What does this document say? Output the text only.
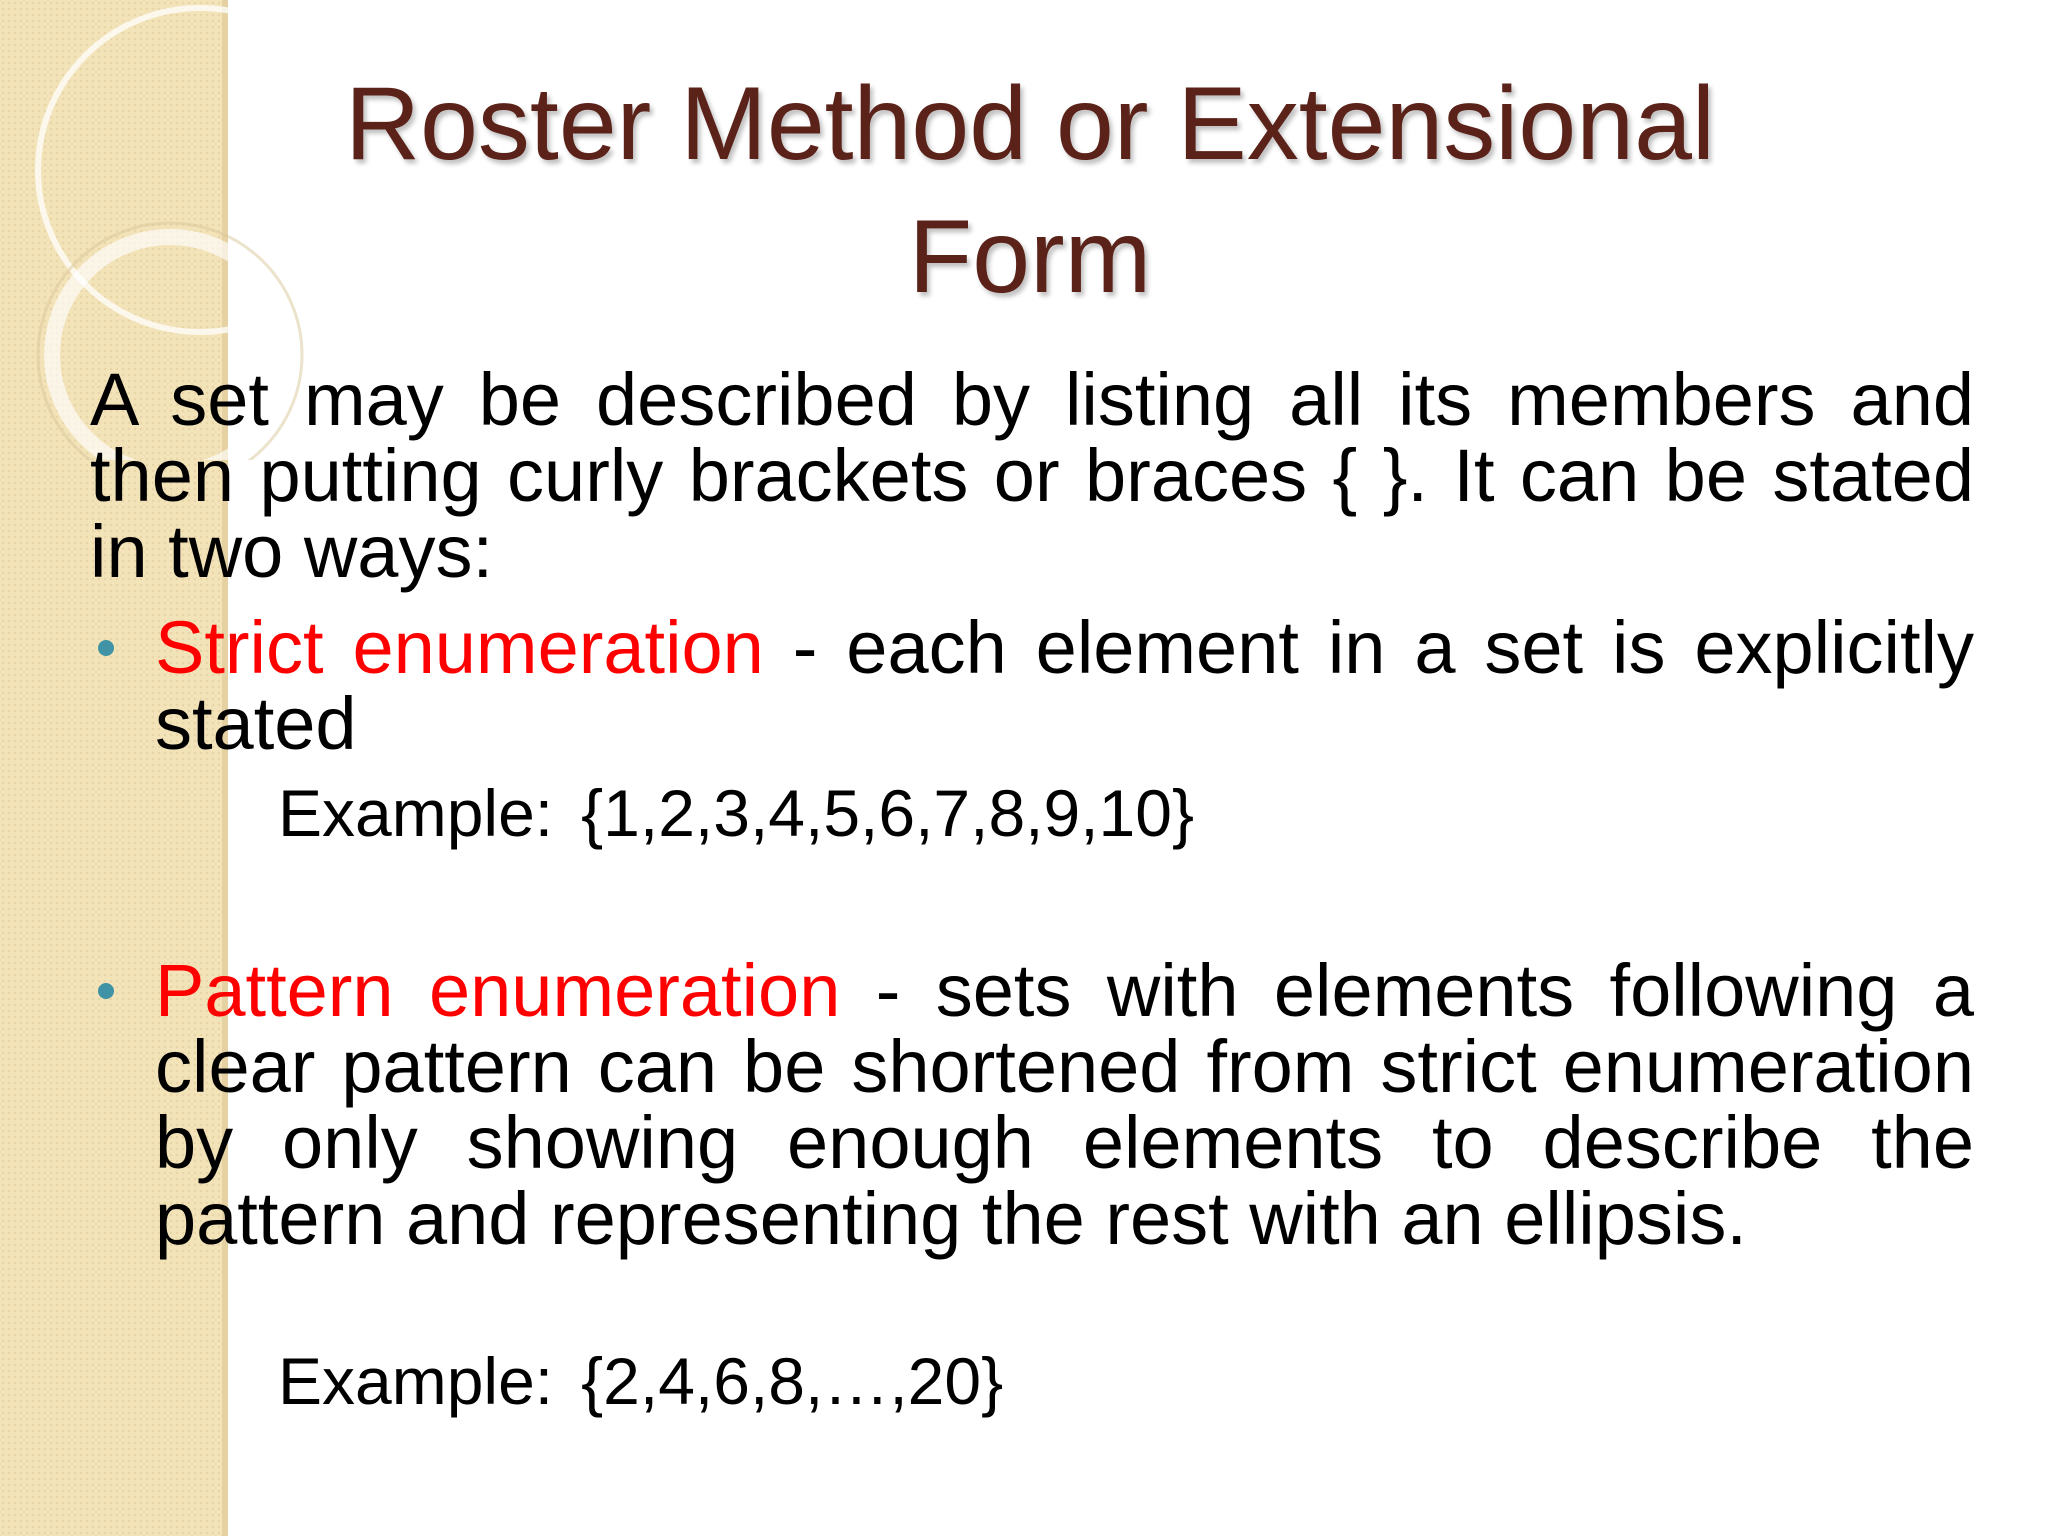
Roster Method or Extensional
Form
A set may be described by listing all its members and then putting curly brackets or braces { }. It can be stated in two ways:
Strict enumeration - each element in a set is explicitly stated
Example: {1,2,3,4,5,6,7,8,9,10}
Pattern enumeration - sets with elements following a clear pattern can be shortened from strict enumeration by only showing enough elements to describe the pattern and representing the rest with an ellipsis.
Example: {2,4,6,8,…,20}
